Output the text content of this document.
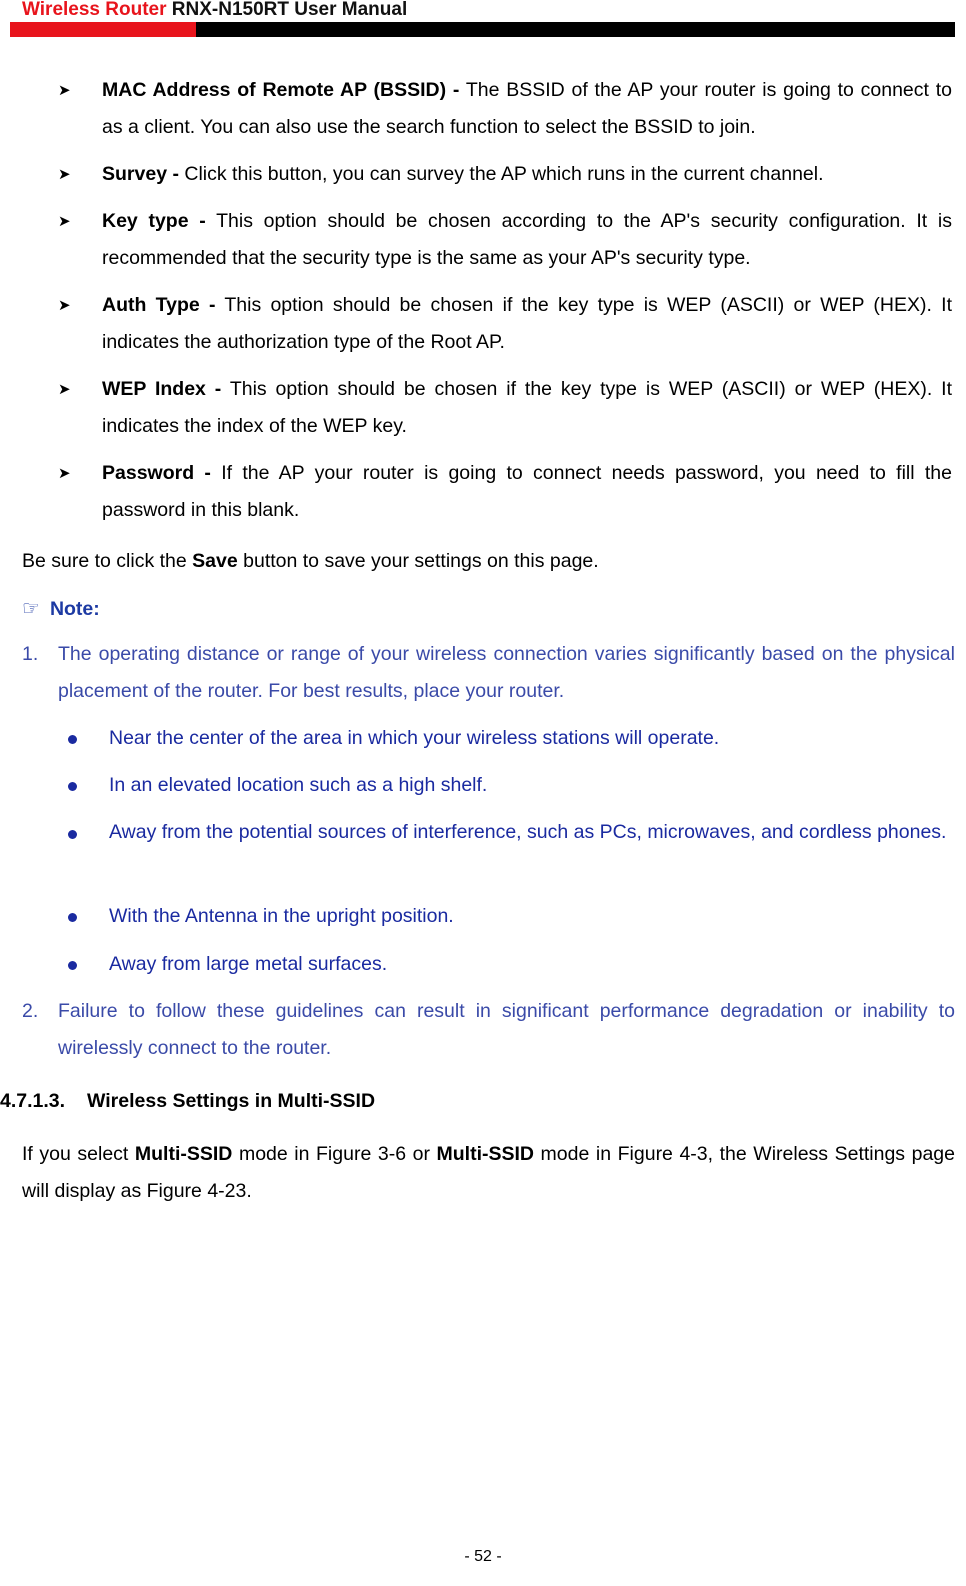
Wireless Router RNX-N150RT User Manual
➤ MAC Address of Remote AP (BSSID) - The BSSID of the AP your router is going to connect to as a client. You can also use the search function to select the BSSID to join.
➤ Survey - Click this button, you can survey the AP which runs in the current channel.
➤ Key type - This option should be chosen according to the AP's security configuration. It is recommended that the security type is the same as your AP's security type.
➤ Auth Type - This option should be chosen if the key type is WEP (ASCII) or WEP (HEX). It indicates the authorization type of the Root AP.
➤ WEP Index - This option should be chosen if the key type is WEP (ASCII) or WEP (HEX). It indicates the index of the WEP key.
➤ Password - If the AP your router is going to connect needs password, you need to fill the password in this blank.
Be sure to click the Save button to save your settings on this page.
☞ Note:
1. The operating distance or range of your wireless connection varies significantly based on the physical placement of the router. For best results, place your router.
Near the center of the area in which your wireless stations will operate.
In an elevated location such as a high shelf.
Away from the potential sources of interference, such as PCs, microwaves, and cordless phones.
With the Antenna in the upright position.
Away from large metal surfaces.
2. Failure to follow these guidelines can result in significant performance degradation or inability to wirelessly connect to the router.
4.7.1.3. Wireless Settings in Multi-SSID
If you select Multi-SSID mode in Figure 3-6 or Multi-SSID mode in Figure 4-3, the Wireless Settings page will display as Figure 4-23.
- 52 -
